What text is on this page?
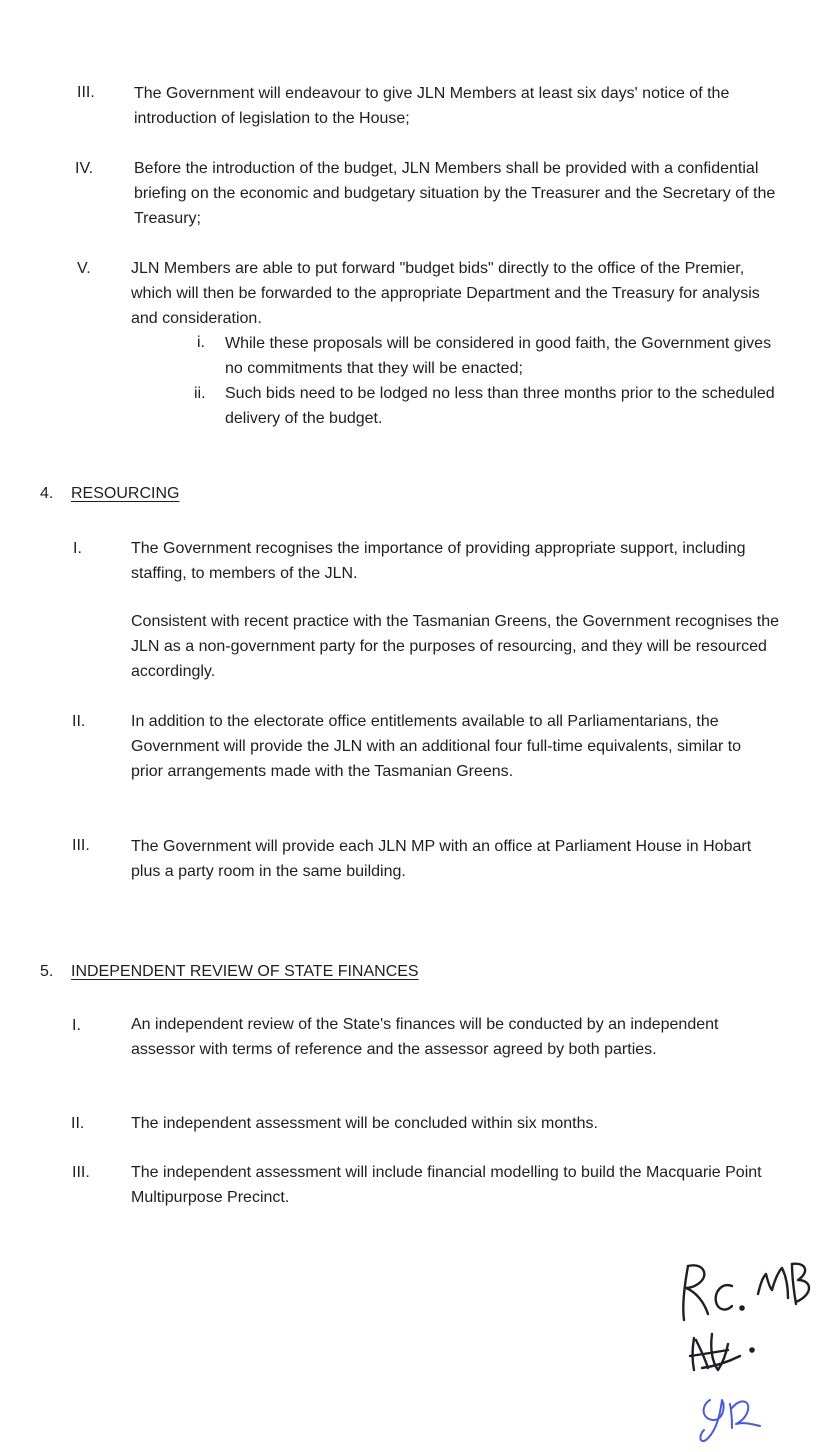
III. The Government will endeavour to give JLN Members at least six days' notice of the introduction of legislation to the House;
IV.	Before the introduction of the budget, JLN Members shall be provided with a confidential briefing on the economic and budgetary situation by the Treasurer and the Secretary of the Treasury;
V.	JLN Members are able to put forward "budget bids" directly to the office of the Premier, which will then be forwarded to the appropriate Department and the Treasury for analysis and consideration.
i. While these proposals will be considered in good faith, the Government gives no commitments that they will be enacted;
ii. Such bids need to be lodged no less than three months prior to the scheduled delivery of the budget.
4. RESOURCING
I.	The Government recognises the importance of providing appropriate support, including staffing, to members of the JLN.
Consistent with recent practice with the Tasmanian Greens, the Government recognises the JLN as a non-government party for the purposes of resourcing, and they will be resourced accordingly.
II.	In addition to the electorate office entitlements available to all Parliamentarians, the Government will provide the JLN with an additional four full-time equivalents, similar to prior arrangements made with the Tasmanian Greens.
III.	The Government will provide each JLN MP with an office at Parliament House in Hobart plus a party room in the same building.
5. INDEPENDENT REVIEW OF STATE FINANCES
I.	An independent review of the State's finances will be conducted by an independent assessor with terms of reference and the assessor agreed by both parties.
II.	The independent assessment will be concluded within six months.
III.	The independent assessment will include financial modelling to build the Macquarie Point Multipurpose Precinct.
